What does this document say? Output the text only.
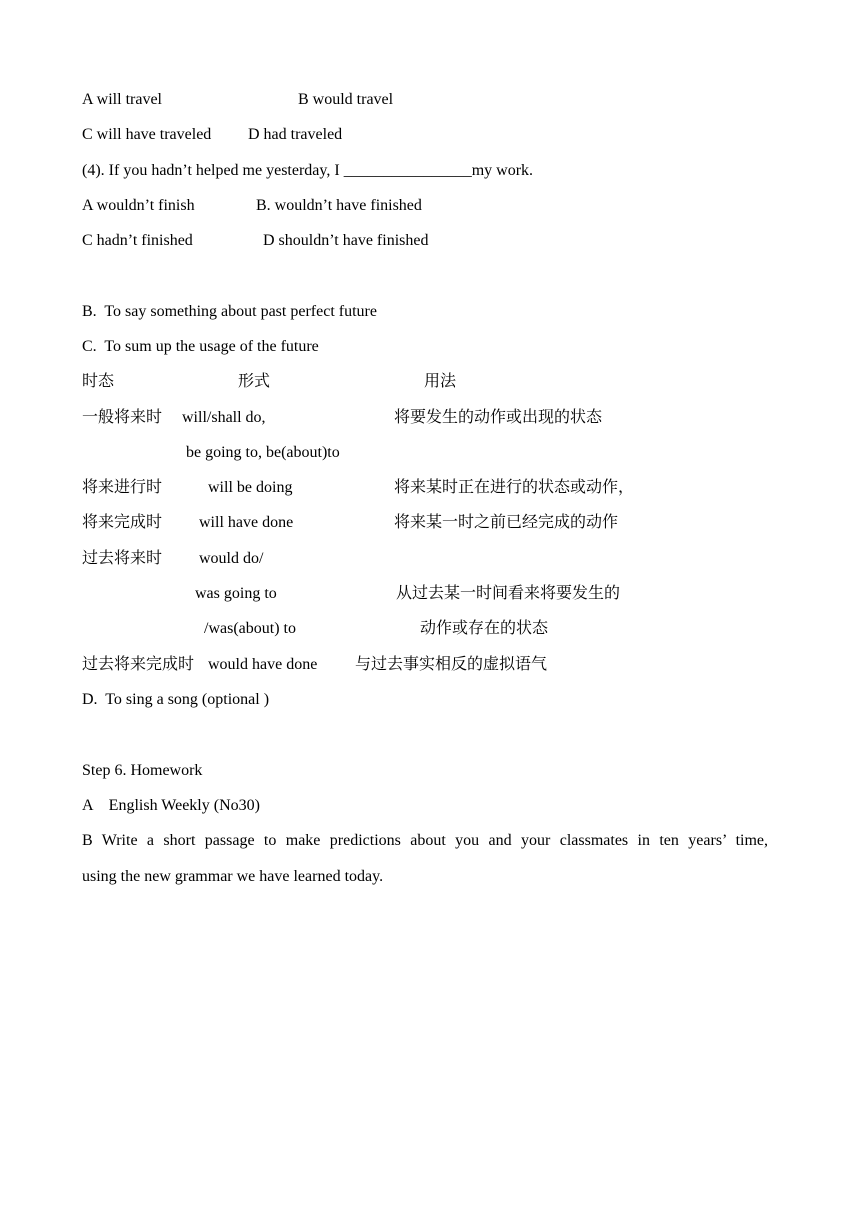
A will travel	B would travel
C will have traveled D had traveled
(4). If you hadn’t helped me yesterday, I ________________my work.
A wouldn’t finish	B. wouldn’t have finished
C hadn’t finished	D shouldn’t have finished
B.  To say something about past perfect future
C.  To sum up the usage of the future
时态	形式	用法
一般将来时 will/shall do,	将要发生的动作或出现的状态
be going to, be(about)to
将来进行时	will be doing	将来某时正在进行的状态或动作，
将来完成时 will have done	将来某一时之前已经完成的动作
过去将来时 would do/
was going to	从过去某一时间看来将要发生的
/was(about) to	动作或存在的状态
过去将来完成时 would have done 与过去事实相反的虚拟语气
D.  To sing a song (optional )
Step 6. Homework
A    English Weekly (No30)
B Write a short passage to make predictions about you and your classmates in ten years’ time,
using the new grammar we have learned today.
